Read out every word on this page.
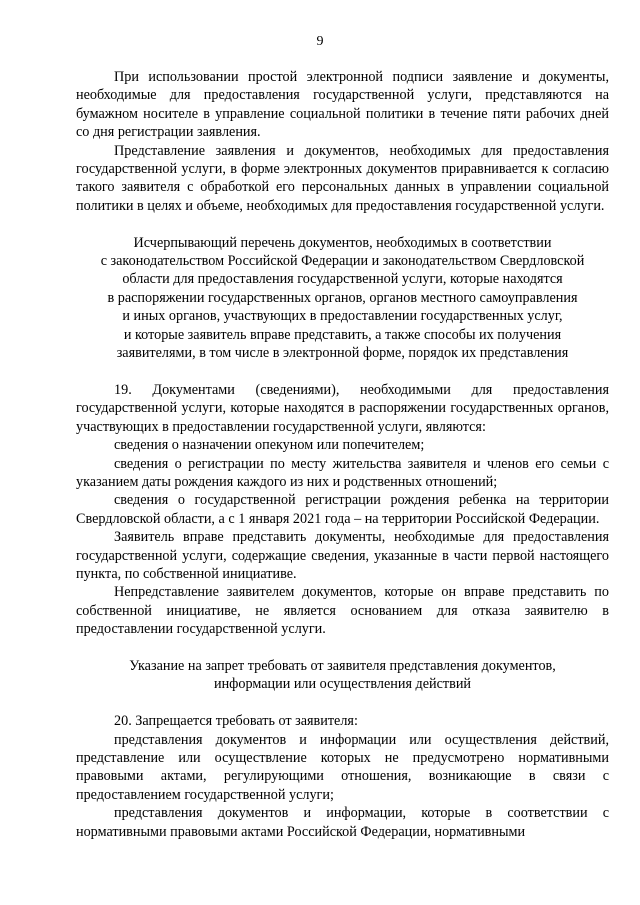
9

При использовании простой электронной подписи заявление и документы, необходимые для предоставления государственной услуги, представляются на бумажном носителе в управление социальной политики в течение пяти рабочих дней со дня регистрации заявления.

Представление заявления и документов, необходимых для предоставления государственной услуги, в форме электронных документов приравнивается к согласию такого заявителя с обработкой его персональных данных в управлении социальной политики в целях и объеме, необходимых для предоставления государственной услуги.

Исчерпывающий перечень документов, необходимых в соответствии

с законодательством Российской Федерации и законодательством Свердловской

области для предоставления государственной услуги, которые находятся

в распоряжении государственных органов, органов местного самоуправления

и иных органов, участвующих в предоставлении государственных услуг,

и которые заявитель вправе представить, а также способы их получения

заявителями, в том числе в электронной форме, порядок их представления

19. Документами (сведениями), необходимыми для предоставления государственной услуги, которые находятся в распоряжении государственных органов, участвующих в предоставлении государственной услуги, являются:

сведения о назначении опекуном или попечителем;

сведения о регистрации по месту жительства заявителя и членов его семьи с указанием даты рождения каждого из них и родственных отношений;

сведения о государственной регистрации рождения ребенка на территории Свердловской области, а с 1 января 2021 года – на территории Российской Федерации.

Заявитель вправе представить документы, необходимые для предоставления государственной услуги, содержащие сведения, указанные в части первой настоящего пункта, по собственной инициативе.

Непредставление заявителем документов, которые он вправе представить по собственной инициативе, не является основанием для отказа заявителю в предоставлении государственной услуги.

Указание на запрет требовать от заявителя представления документов,

информации или осуществления действий

20. Запрещается требовать от заявителя:

представления документов и информации или осуществления действий, представление или осуществление которых не предусмотрено нормативными правовыми актами, регулирующими отношения, возникающие в связи с предоставлением государственной услуги;

представления документов и информации, которые в соответствии с нормативными правовыми актами Российской Федерации, нормативными
